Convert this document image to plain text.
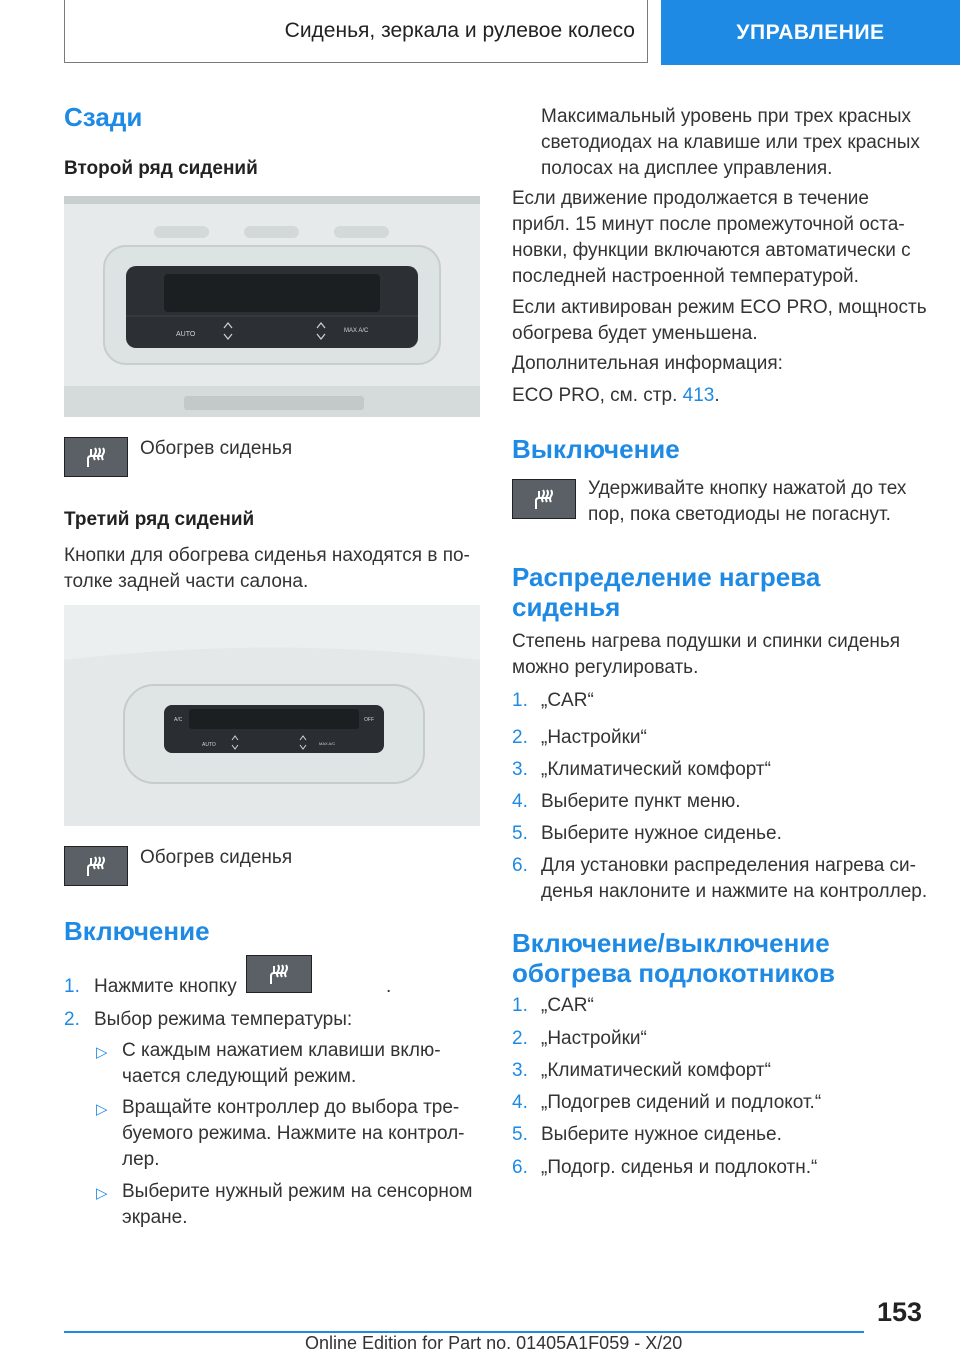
Сиденья, зеркала и рулевое колесо	УПРАВЛЕНИЕ
Сзади
Второй ряд сидений
AUTO	MAX A/C
Обогрев сиденья
Третий ряд сидений
Кнопки для обогрева сиденья находятся в по-
толке задней части салона.
A/C	OFF
AUTO	MAX A/C
Обогрев сиденья
Включение
1. Нажмите кнопку	.
2. Выбор режима температуры:
▷ С каждым нажатием клавиши вклю-
чается следующий режим.
▷ Вращайте контроллер до выбора тре-
буемого режима. Нажмите на контрол-
лер.
▷ Выберите нужный режим на сенсорном
экране.
Максимальный уровень при трех красных
светодиодах на клавише или трех красных
полосах на дисплее управления.
Если движение продолжается в течение
прибл. 15 минут после промежуточной оста-
новки, функции включаются автоматически с
последней настроенной температурой.
Если активирован режим ECO PRO, мощность
обогрева будет уменьшена.
Дополнительная информация:
ECO PRO, см. стр. 413.
Выключение
Удерживайте кнопку нажатой до тех
пор, пока светодиоды не погаснут.
Распределение нагрева
сиденья
Степень нагрева подушки и спинки сиденья
можно регулировать.
1. „CAR“
2. „Настройки“
3. „Климатический комфорт“
4. Выберите пункт меню.
5. Выберите нужное сиденье.
6. Для установки распределения нагрева си-
денья наклоните и нажмите на контроллер.
Включение/выключение
обогрева подлокотников
1. „CAR“
2. „Настройки“
3. „Климатический комфорт“
4. „Подогрев сидений и подлокот.“
5. Выберите нужное сиденье.
6. „Подогр. сиденья и подлокотн.“
153
Online Edition for Part no. 01405A1F059 - X/20
